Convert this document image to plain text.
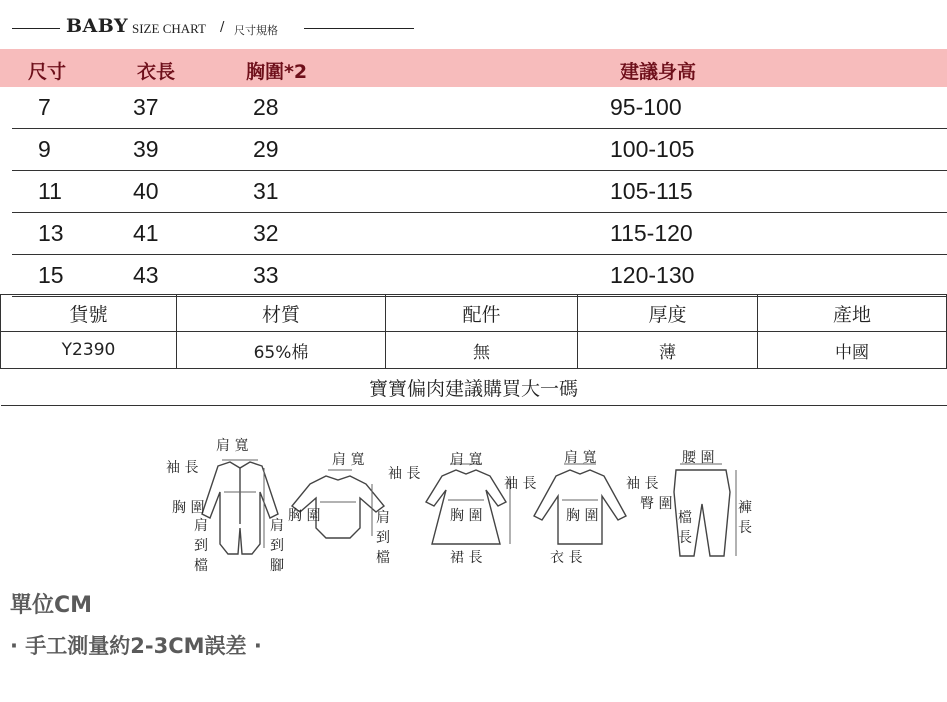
BABY SIZE CHART / 尺寸規格
尺寸	衣長	胸圍*2	建議身高
7	37	28	95-100
9	39	29	100-105
11	40	31	105-115
13	41	32	115-120
15	43	33	120-130
貨號	材質	配件	厚度	產地
Y2390	65%棉	無	薄	中國
寶寶偏肉建議購買大一碼				
肩 寬
袖 長
胸 圍
肩
到
檔
肩
到
腳
肩 寬
袖 長
胸 圍	肩
到
檔
肩 寬
袖 長
胸 圍
裙 長
肩 寬
袖 長
胸 圍
衣 長
腰 圍
臀 圍
檔
長
褲
長
單位CM
· 手工測量約2-3CM誤差 ·
